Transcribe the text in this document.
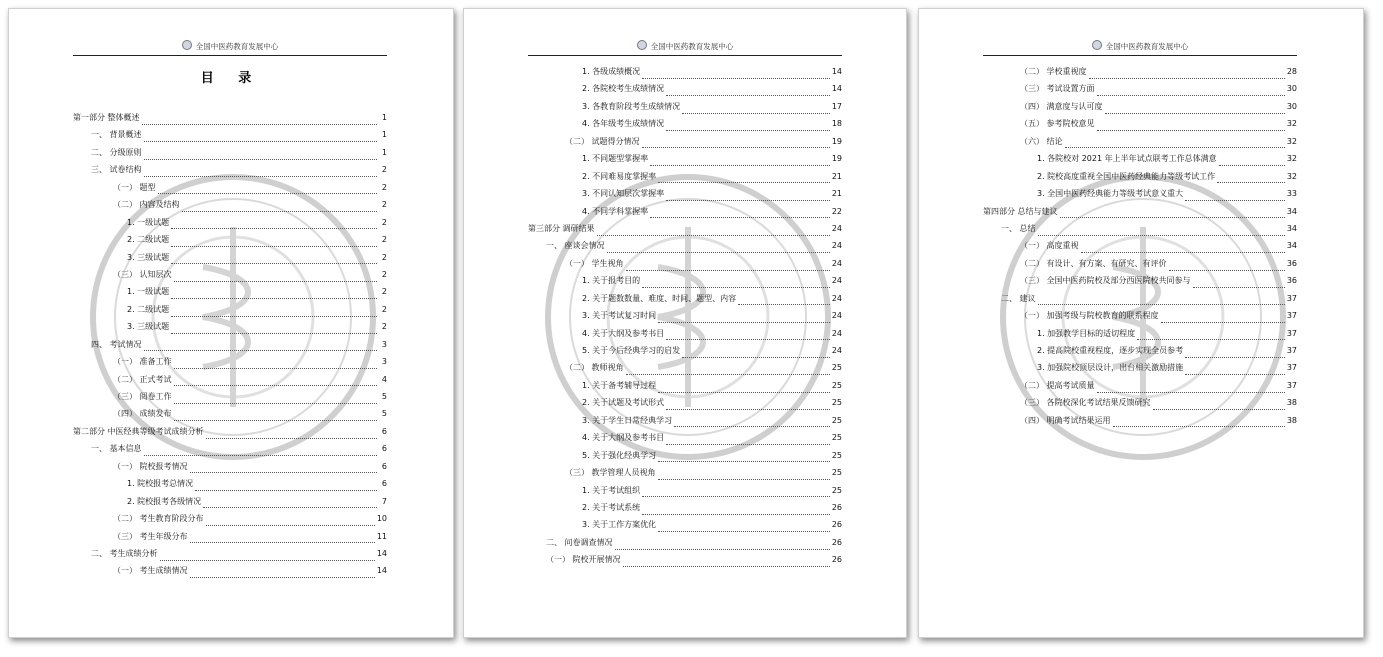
全国中医药教育发展中心
目 录
第一部分 整体概述	1
一、 背景概述	1
二、 分级原则	1
三、 试卷结构	2
（一） 题型	2
（二） 内容及结构	2
1. 一级试题	2
2. 二级试题	2
3. 三级试题	2
（三） 认知层次	2
1. 一级试题	2
2. 二级试题	2
3. 三级试题	2
四、 考试情况	3
（一） 准备工作	3
（二） 正式考试	4
（三） 阅卷工作	5
（四） 成绩发布	5
第二部分 中医经典等级考试成绩分析	6
一、 基本信息	6
（一） 院校报考情况	6
1. 院校报考总情况	6
2. 院校报考各级情况	7
（二） 考生教育阶段分布	10
（三） 考生年级分布	11
二、 考生成绩分析	14
（一） 考生成绩情况	14
全国中医药教育发展中心
1. 各级成绩概况	14
2. 各院校考生成绩情况	14
3. 各教育阶段考生成绩情况	17
4. 各年级考生成绩情况	18
（二） 试题得分情况	19
1. 不同题型掌握率	19
2. 不同难易度掌握率	21
3. 不同认知层次掌握率	21
4. 不同学科掌握率	22
第三部分 调研结果	24
一、 座谈会情况	24
（一） 学生视角	24
1. 关于报考目的	24
2. 关于题数数量、难度、时间、题型、内容	24
3. 关于考试复习时间	24
4. 关于大纲及参考书目	24
5. 关于今后经典学习的启发	24
（二） 教师视角	25
1. 关于备考辅导过程	25
2. 关于试题及考试形式	25
3. 关于学生日常经典学习	25
4. 关于大纲及参考书目	25
5. 关于强化经典学习	25
（三） 教学管理人员视角	25
1. 关于考试组织	25
2. 关于考试系统	26
3. 关于工作方案优化	26
二、 问卷调查情况	26
（一） 院校开展情况	26
全国中医药教育发展中心
（二） 学校重视度	28
（三） 考试设置方面	30
（四） 满意度与认可度	30
（五） 参考院校意见	32
（六） 结论	32
1. 各院校对 2021 年上半年试点联考工作总体满意	32
2. 院校高度重视全国中医药经典能力等级考试工作	32
3. 全国中医药经典能力等级考试意义重大	33
第四部分 总结与建议	34
一、 总结	34
（一） 高度重视	34
（二） 有设计、有方案、有研究、有评价	36
（三） 全国中医药院校及部分西医院校共同参与	36
二、 建议	37
（一） 加强考级与院校教育的联系程度	37
1. 加强教学目标的适切程度	37
2. 提高院校重视程度，逐步实现全员参考	37
3. 加强院校顶层设计，出台相关激励措施	37
（二） 提高考试质量	37
（三） 各院校深化考试结果反馈研究	38
（四） 明确考试结果运用	38
